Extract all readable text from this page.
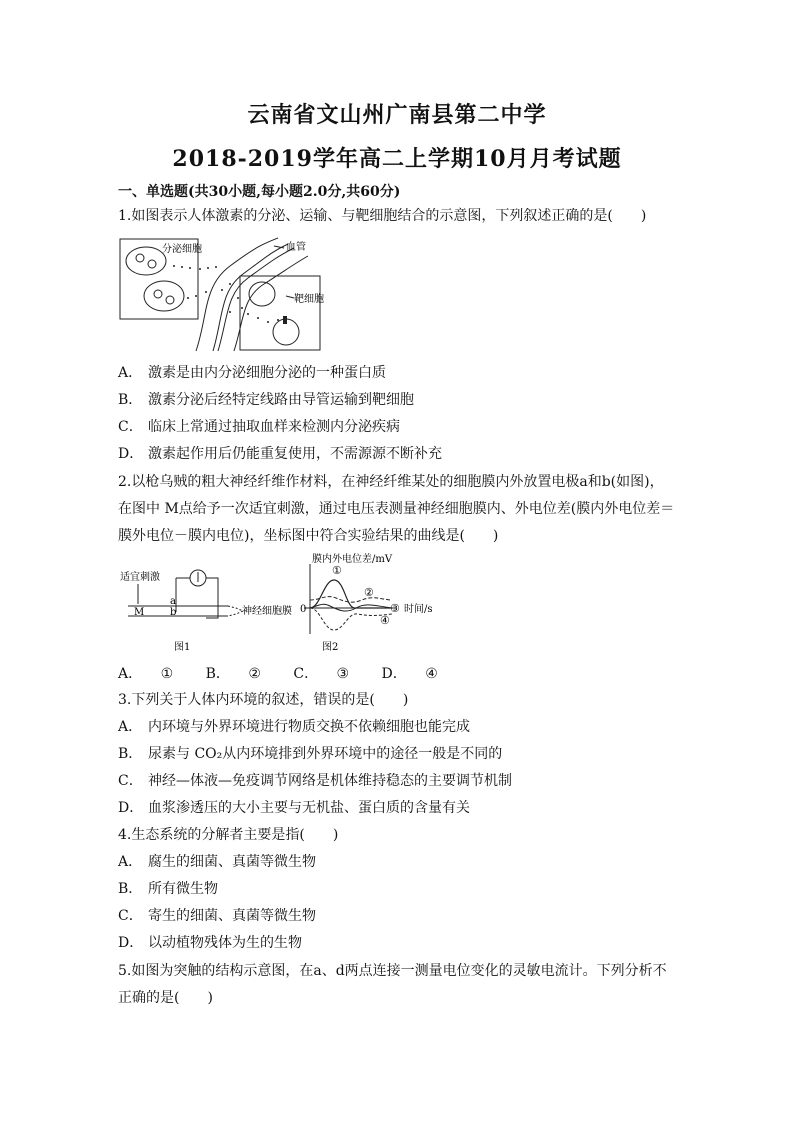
云南省文山州广南县第二中学
2018-2019学年高二上学期10月月考试题
一、单选题(共30小题,每小题2.0分,共60分)
1.如图表示人体激素的分泌、运输、与靶细胞结合的示意图，下列叙述正确的是(　　)
分泌细胞	血管
靶细胞
A． 激素是由内分泌细胞分泌的一种蛋白质
B． 激素分泌后经特定线路由导管运输到靶细胞
C． 临床上常通过抽取血样来检测内分泌疾病
D． 激素起作用后仍能重复使用，不需源源不断补充
2.以枪乌贼的粗大神经纤维作材料，在神经纤维某处的细胞膜内外放置电极a和b(如图)，
在图中 M点给予一次适宜刺激，通过电压表测量神经细胞膜内、外电位差(膜内外电位差＝
膜外电位－膜内电位)，坐标图中符合实验结果的曲线是(　　)
适宜刺激
M
a
b	神经细胞膜
图1
膜内外电位差/mV
0
①
②
③ 时间/s
④
图2
A． ① B． ② C． ③ D． ④
3.下列关于人体内环境的叙述，错误的是(　　)
A． 内环境与外界环境进行物质交换不依赖细胞也能完成
B． 尿素与 CO₂从内环境排到外界环境中的途径一般是不同的
C． 神经—体液—免疫调节网络是机体维持稳态的主要调节机制
D． 血浆渗透压的大小主要与无机盐、蛋白质的含量有关
4.生态系统的分解者主要是指(　　)
A． 腐生的细菌、真菌等微生物
B． 所有微生物
C． 寄生的细菌、真菌等微生物
D． 以动植物残体为生的生物
5.如图为突触的结构示意图，在a、d两点连接一测量电位变化的灵敏电流计。下列分析不
正确的是(　　)
